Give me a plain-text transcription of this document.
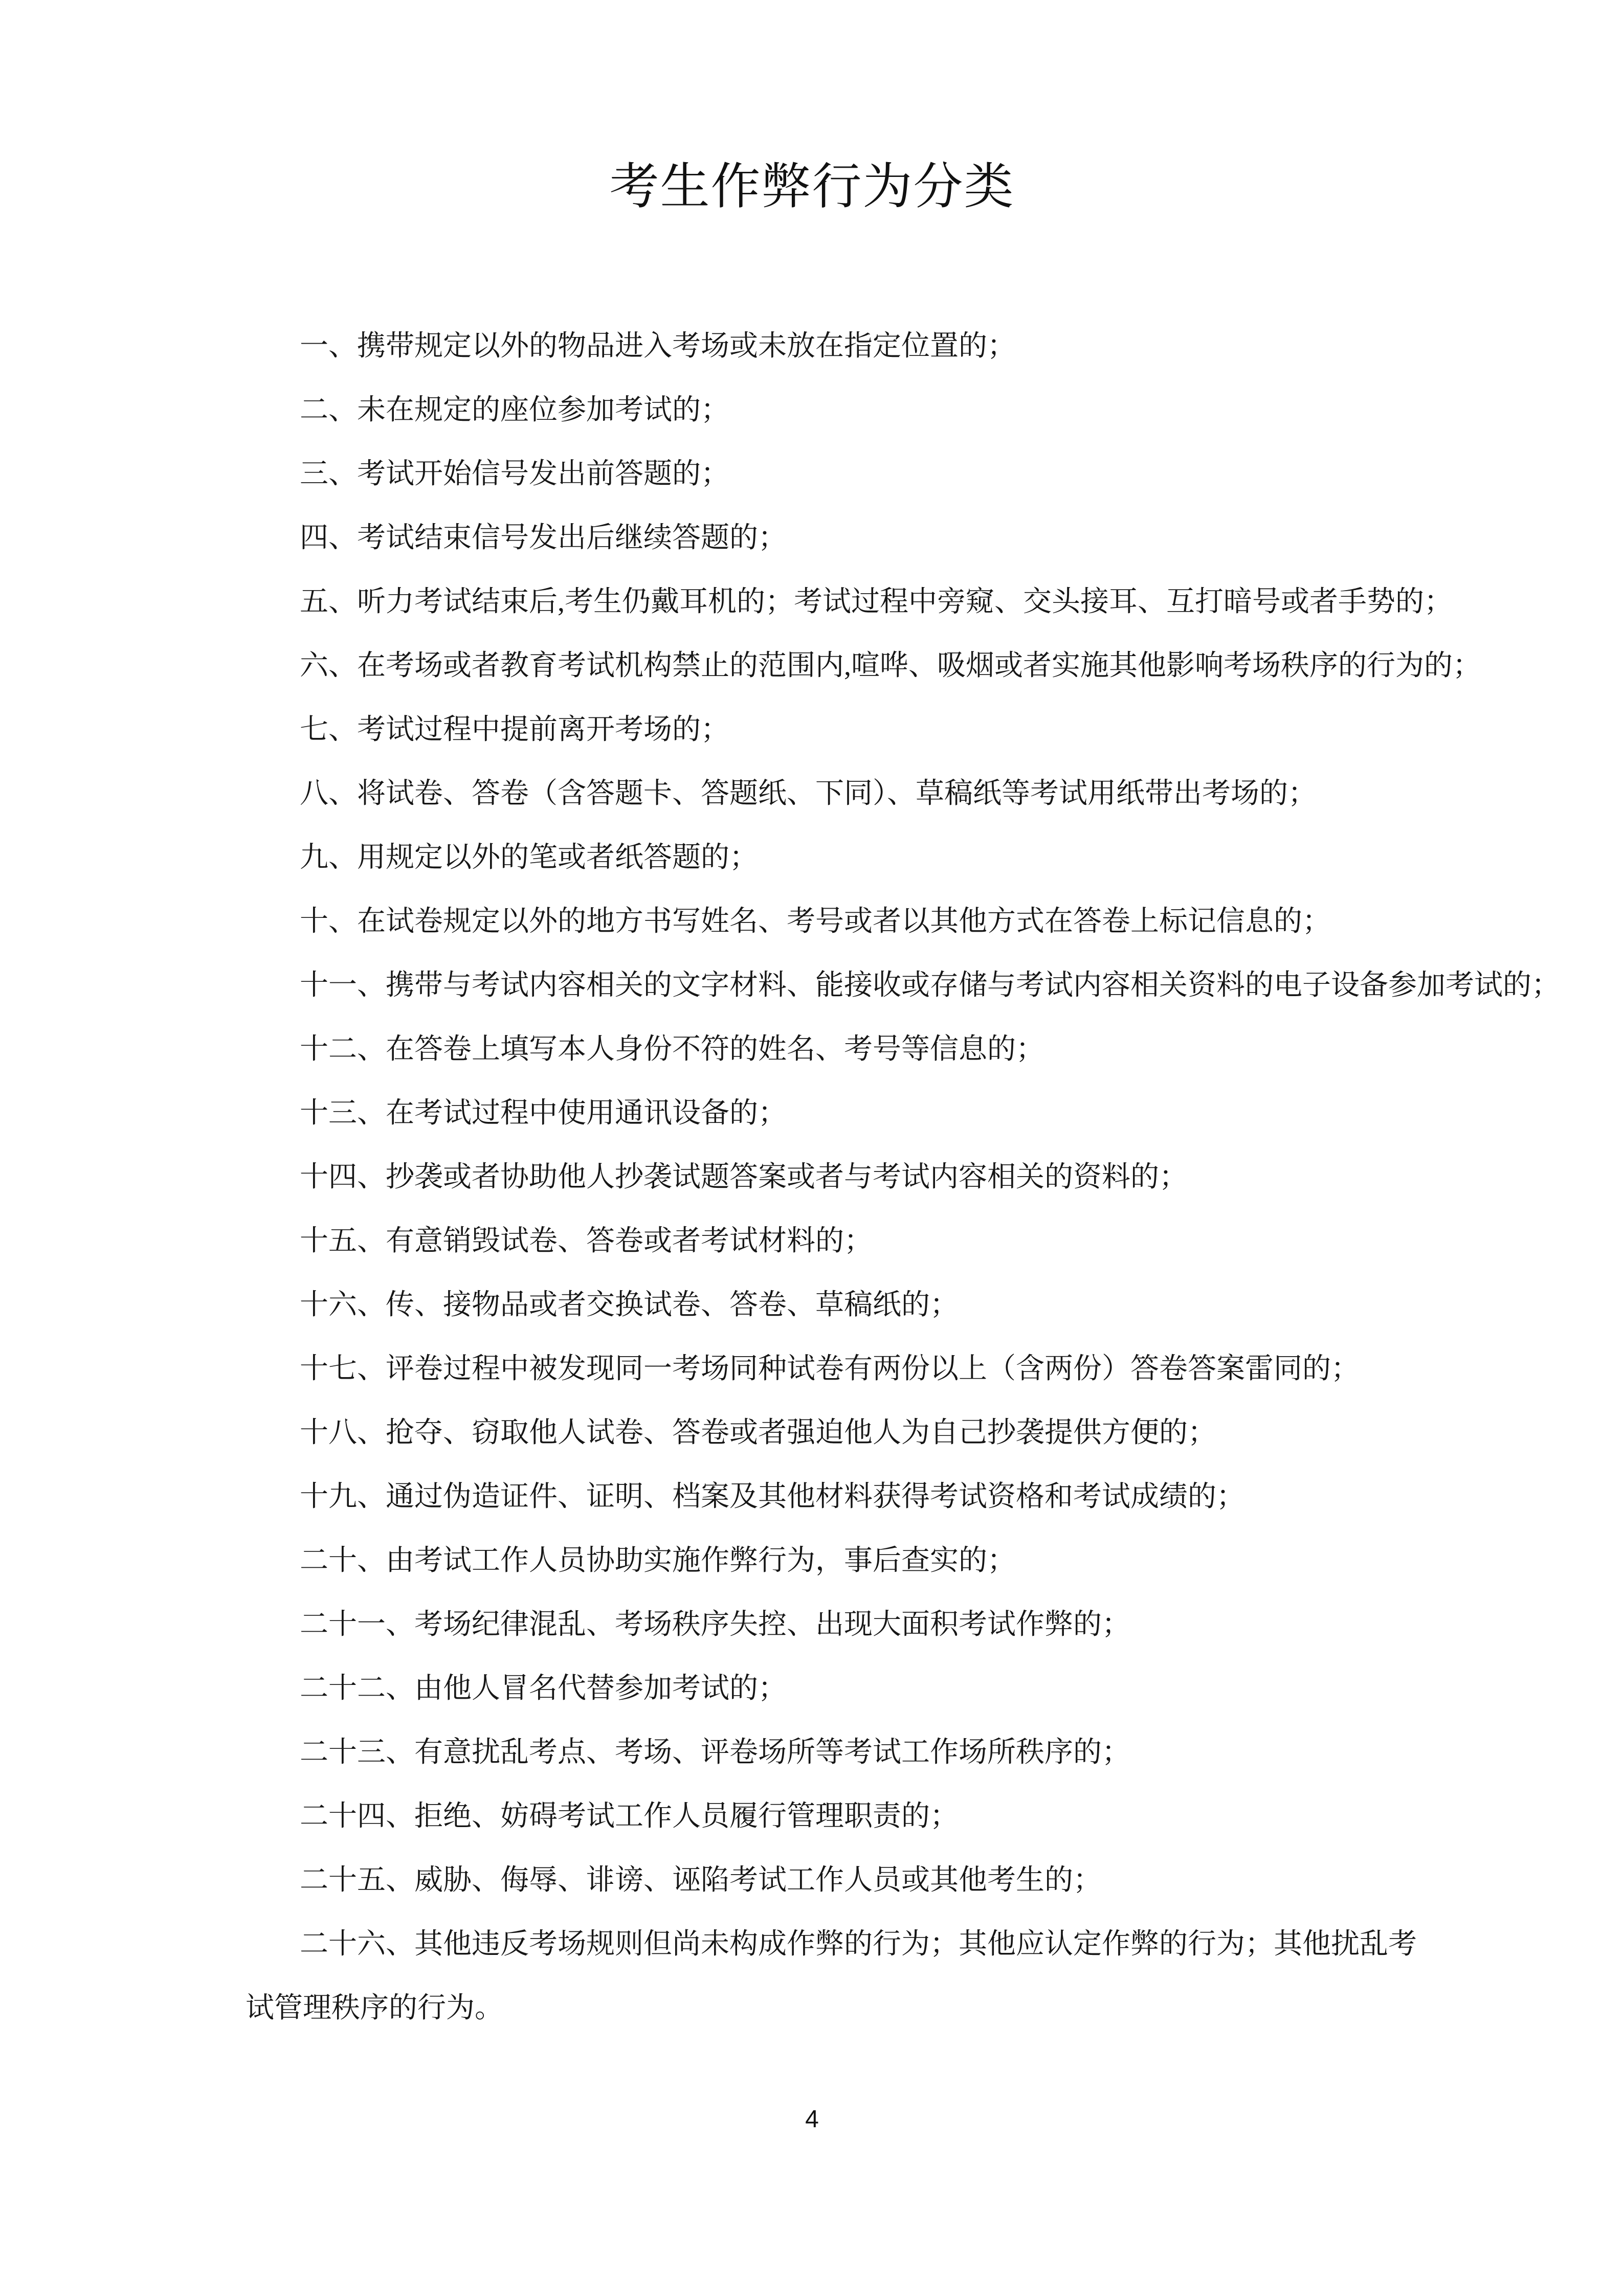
考生作弊行为分类

一、携带规定以外的物品进入考场或未放在指定位置的；

二、未在规定的座位参加考试的；

三、考试开始信号发出前答题的；

四、考试结束信号发出后继续答题的；

五、听力考试结束后,考生仍戴耳机的；考试过程中旁窥、交头接耳、互打暗号或者手势的；

六、在考场或者教育考试机构禁止的范围内,喧哗、吸烟或者实施其他影响考场秩序的行为的；

七、考试过程中提前离开考场的；

八、将试卷、答卷（含答题卡、答题纸、下同）、草稿纸等考试用纸带出考场的；

九、用规定以外的笔或者纸答题的；

十、在试卷规定以外的地方书写姓名、考号或者以其他方式在答卷上标记信息的；

十一、携带与考试内容相关的文字材料、能接收或存储与考试内容相关资料的电子设备参加考试的；

十二、在答卷上填写本人身份不符的姓名、考号等信息的；

十三、在考试过程中使用通讯设备的；

十四、抄袭或者协助他人抄袭试题答案或者与考试内容相关的资料的；

十五、有意销毁试卷、答卷或者考试材料的；

十六、传、接物品或者交换试卷、答卷、草稿纸的；

十七、评卷过程中被发现同一考场同种试卷有两份以上（含两份）答卷答案雷同的；

十八、抢夺、窃取他人试卷、答卷或者强迫他人为自己抄袭提供方便的；

十九、通过伪造证件、证明、档案及其他材料获得考试资格和考试成绩的；

二十、由考试工作人员协助实施作弊行为，事后查实的；

二十一、考场纪律混乱、考场秩序失控、出现大面积考试作弊的；

二十二、由他人冒名代替参加考试的；

二十三、有意扰乱考点、考场、评卷场所等考试工作场所秩序的；

二十四、拒绝、妨碍考试工作人员履行管理职责的；

二十五、威胁、侮辱、诽谤、诬陷考试工作人员或其他考生的；

二十六、其他违反考场规则但尚未构成作弊的行为；其他应认定作弊的行为；其他扰乱考

试管理秩序的行为。

4
